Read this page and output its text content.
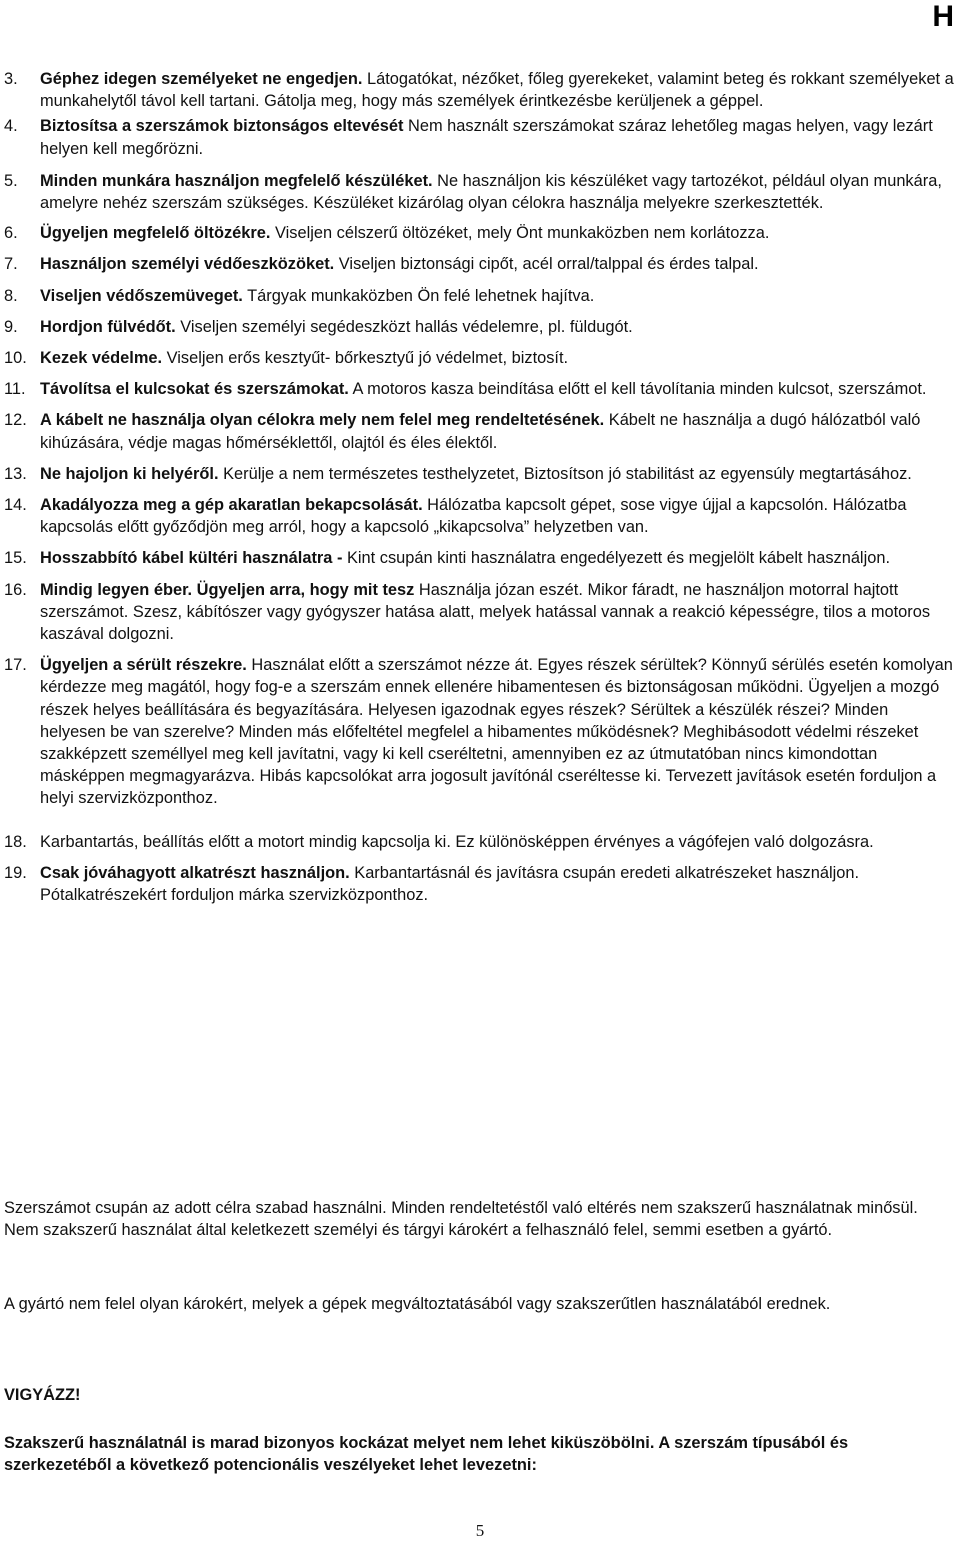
H
3. Géphez idegen személyeket ne engedjen. Látogatókat, nézőket, főleg gyerekeket, valamint beteg és rokkant személyeket a munkahelytől távol kell tartani. Gátolja meg, hogy más személyek érintkezésbe kerüljenek a géppel.
4. Biztosítsa a szerszámok biztonságos eltevését Nem használt szerszámokat száraz lehetőleg magas helyen, vagy lezárt helyen kell megőrözni.
5. Minden munkára használjon megfelelő készüléket. Ne használjon kis készüléket vagy tartozékot, például olyan munkára, amelyre nehéz szerszám szükséges. Készüléket kizárólag olyan célokra használja melyekre szerkesztették.
6. Ügyeljen megfelelő öltözékre. Viseljen célszerű öltözéket, mely Önt munkaközben nem korlátozza.
7. Használjon személyi védőeszközöket. Viseljen biztonsági cipőt, acél orral/talppal és érdes talpal.
8. Viseljen védőszemüveget. Tárgyak munkaközben Ön felé lehetnek hajítva.
9. Hordjon fülvédőt. Viseljen személyi segédeszközt hallás védelemre, pl. füldugót.
10. Kezek védelme. Viseljen erős kesztyűt- bőrkesztyű jó védelmet, biztosít.
11. Távolítsa el kulcsokat és szerszámokat. A motoros kasza beindítása előtt el kell távolítania minden kulcsot, szerszámot.
12. A kábelt ne használja olyan célokra mely nem felel meg rendeltetésének. Kábelt ne használja a dugó hálózatból való kihúzására, védje magas hőmérséklettől, olajtól és éles élektől.
13. Ne hajoljon ki helyéről. Kerülje a nem természetes testhelyzetet, Biztosítson jó stabilitást az egyensúly megtartásához.
14. Akadályozza meg a gép akaratlan bekapcsolását. Hálózatba kapcsolt gépet, sose vigye újjal a kapcsolón. Hálózatba kapcsolás előtt győződjön meg arról, hogy a kapcsoló „kikapcsolva” helyzetben van.
15. Hosszabbító kábel kültéri használatra - Kint csupán kinti használatra engedélyezett és megjelölt kábelt használjon.
16. Mindig legyen éber. Ügyeljen arra, hogy mit tesz Használja józan eszét. Mikor fáradt, ne használjon motorral hajtott szerszámot. Szesz, kábítószer vagy gyógyszer hatása alatt, melyek hatással vannak a reakció képességre, tilos a motoros kaszával dolgozni.
17. Ügyeljen a sérült részekre. Használat előtt a szerszámot nézze át. Egyes részek sérültek? Könnyű sérülés esetén komolyan kérdezze meg magától, hogy fog-e a szerszám ennek ellenére hibamentesen és biztonságosan működni. Ügyeljen a mozgó részek helyes beállítására és begyazítására. Helyesen igazodnak egyes részek? Sérültek a készülék részei? Minden helyesen be van szerelve? Minden más előfeltétel megfelel a hibamentes működésnek? Meghibásodott védelmi részeket szakképzett személlyel meg kell javítatni, vagy ki kell cseréltetni, amennyiben ez az útmutatóban nincs kimondottan másképpen megmagyarázva. Hibás kapcsolókat arra jogosult javítónál cseréltesse ki. Tervezett javítások esetén forduljon a helyi szervizközponthoz.
18. Karbantartás, beállítás előtt a motort mindig kapcsolja ki. Ez különösképpen érvényes a vágófejen való dolgozásra.
19. Csak jóváhagyott alkatrészt használjon. Karbantartásnál és javításra csupán eredeti alkatrészeket használjon. Pótalkatrészekért forduljon márka szervizközponthoz.
Szerszámot csupán az adott célra szabad használni. Minden rendeltetéstől való eltérés nem szakszerű használatnak minősül. Nem szakszerű használat által keletkezett személyi és tárgyi károkért a felhasználó felel, semmi esetben a gyártó.
A gyártó nem felel olyan károkért, melyek a gépek megváltoztatásából vagy szakszerűtlen használatából erednek.
VIGYÁZZ!
Szakszerű használatnál is marad bizonyos kockázat melyet nem lehet kiküszöbölni. A szerszám típusából és szerkezetéből a következő potencionális veszélyeket lehet levezetni:
5
